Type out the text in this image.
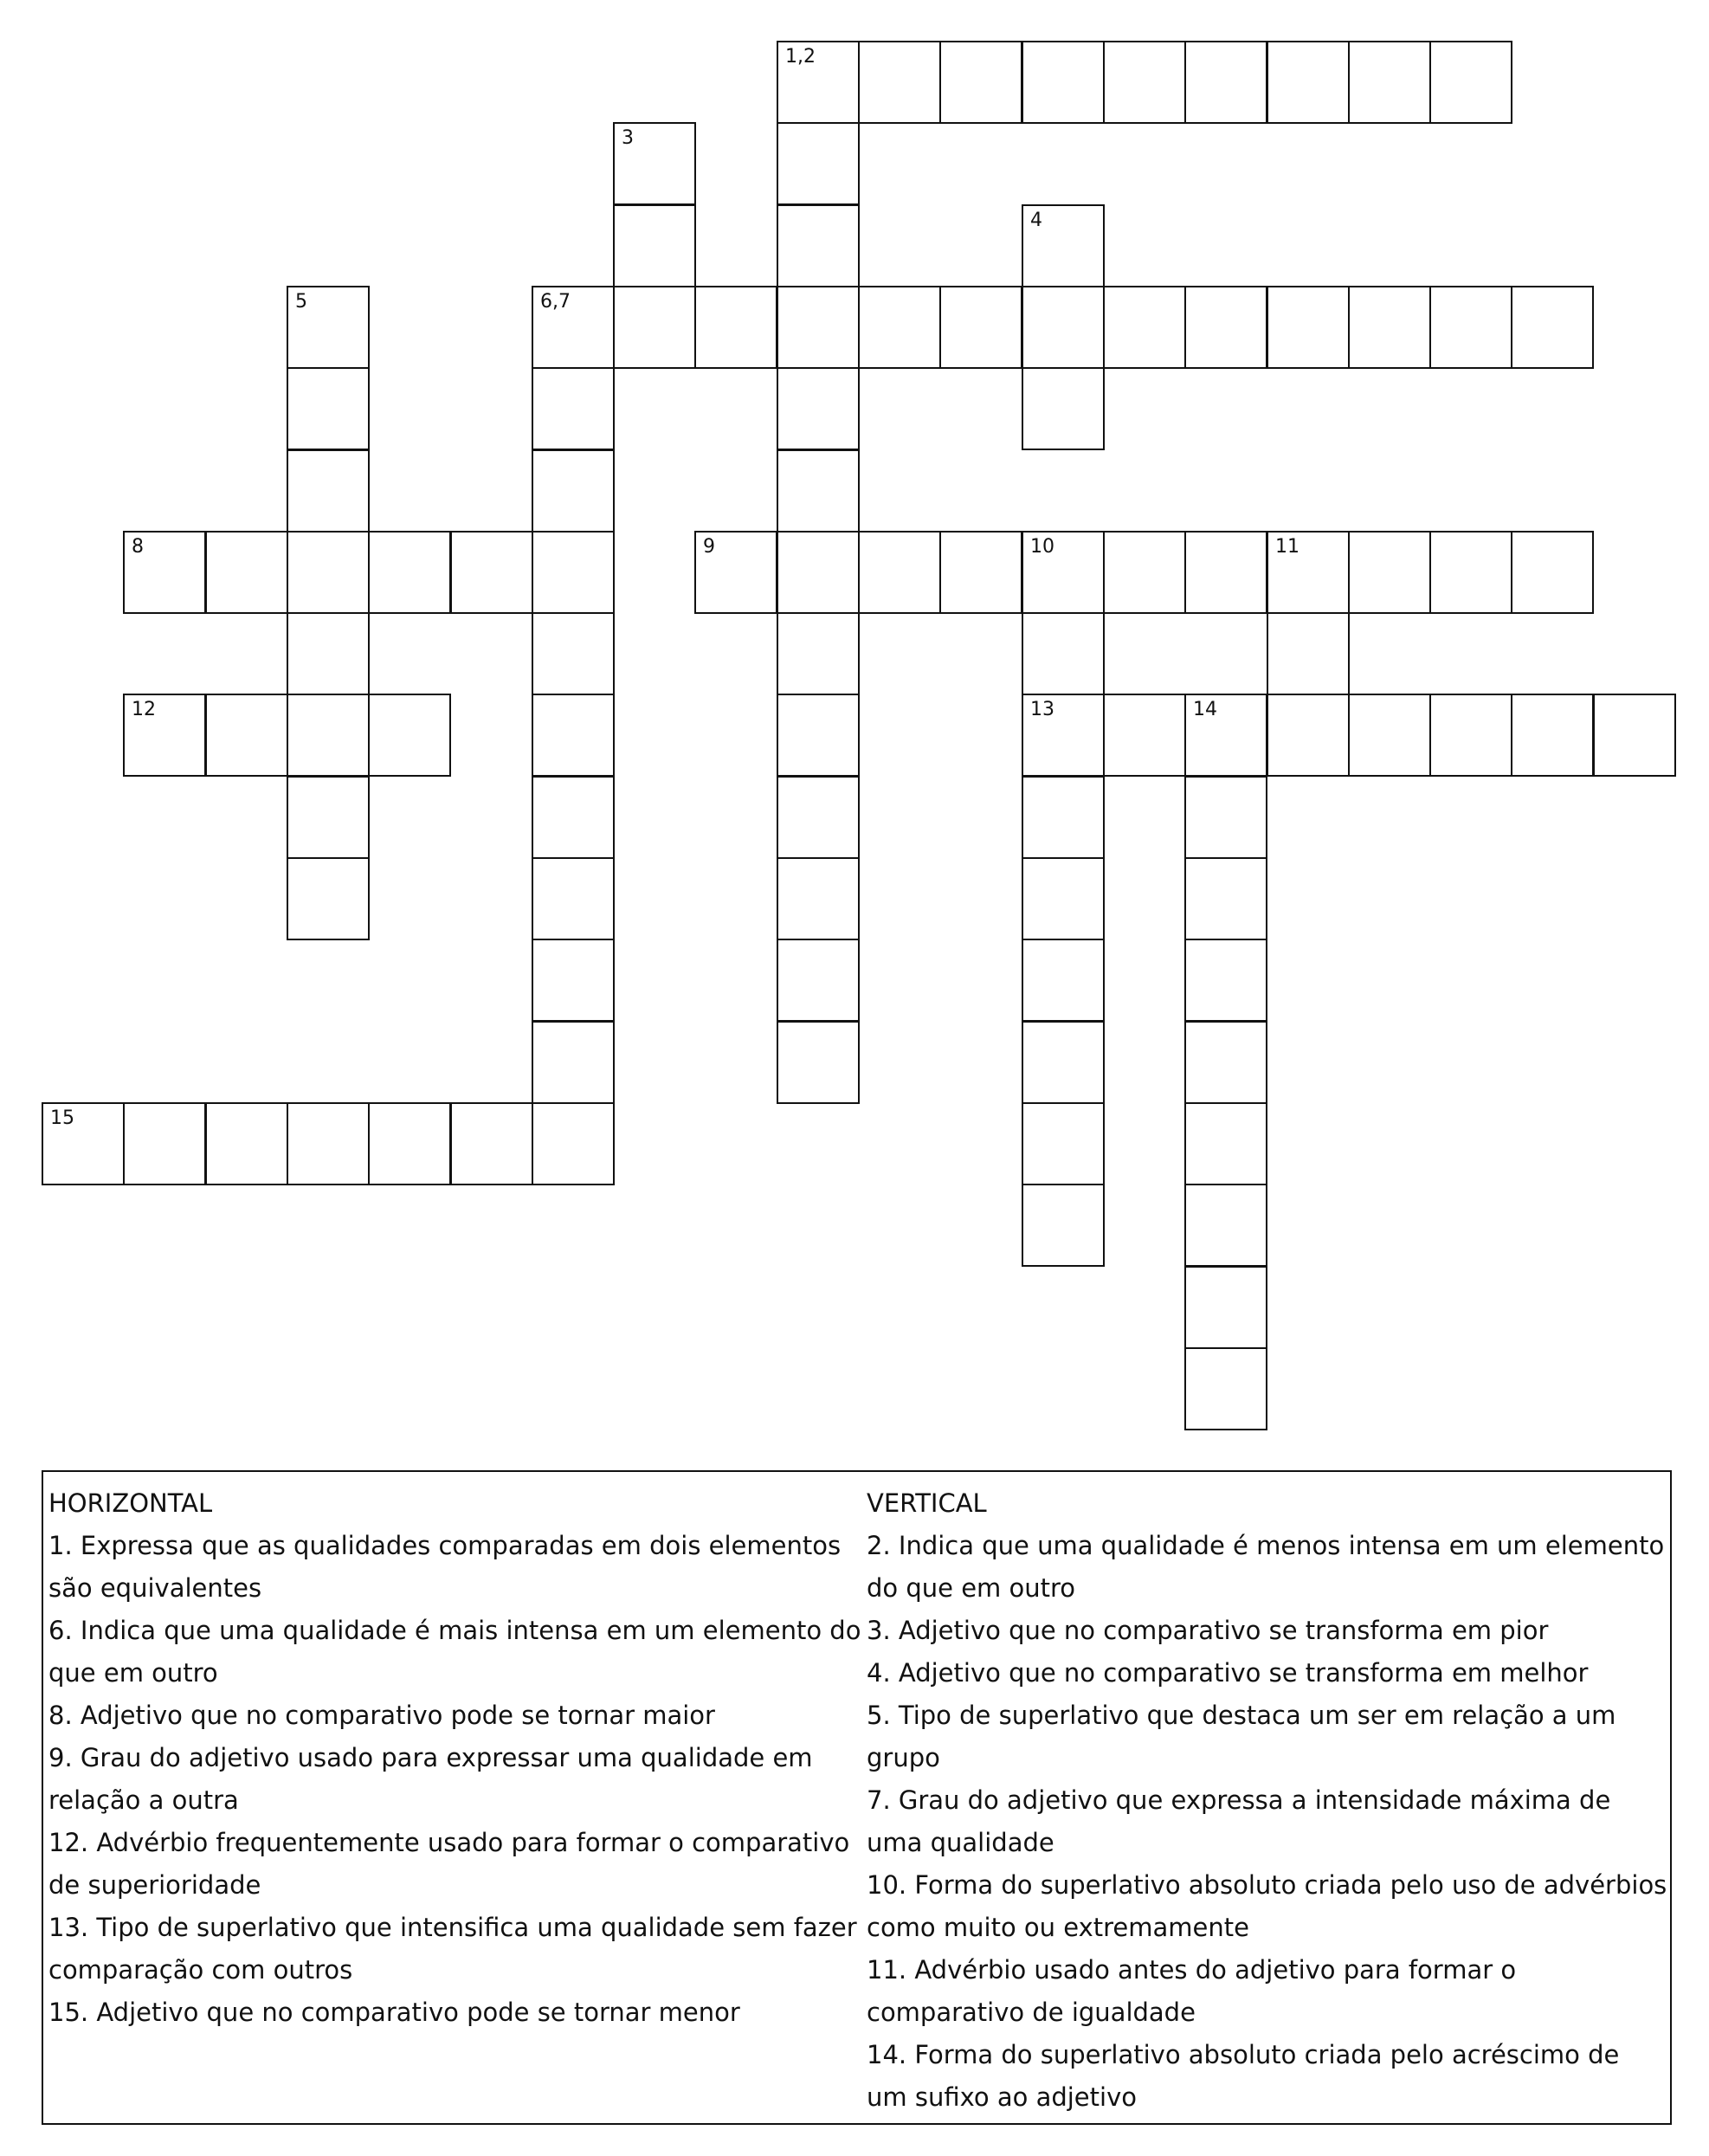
1,2
3
4
5	6,7
8	9	10	11
12	13	14
15
HORIZONTAL

1. Expressa que as qualidades comparadas em dois elementos são equivalentes

6. Indica que uma qualidade é mais intensa em um elemento do que em outro

8. Adjetivo que no comparativo pode se tornar maior

9. Grau do adjetivo usado para expressar uma qualidade em relação a outra

12. Advérbio frequentemente usado para formar o comparativo de superioridade

13. Tipo de superlativo que intensifica uma qualidade sem fazer comparação com outros

15. Adjetivo que no comparativo pode se tornar menor

VERTICAL

2. Indica que uma qualidade é menos intensa em um elemento do que em outro

3. Adjetivo que no comparativo se transforma em pior

4. Adjetivo que no comparativo se transforma em melhor

5. Tipo de superlativo que destaca um ser em relação a um grupo

7. Grau do adjetivo que expressa a intensidade máxima de uma qualidade

10. Forma do superlativo absoluto criada pelo uso de advérbios como muito ou extremamente

11. Advérbio usado antes do adjetivo para formar o comparativo de igualdade

14. Forma do superlativo absoluto criada pelo acréscimo de um sufixo ao adjetivo
